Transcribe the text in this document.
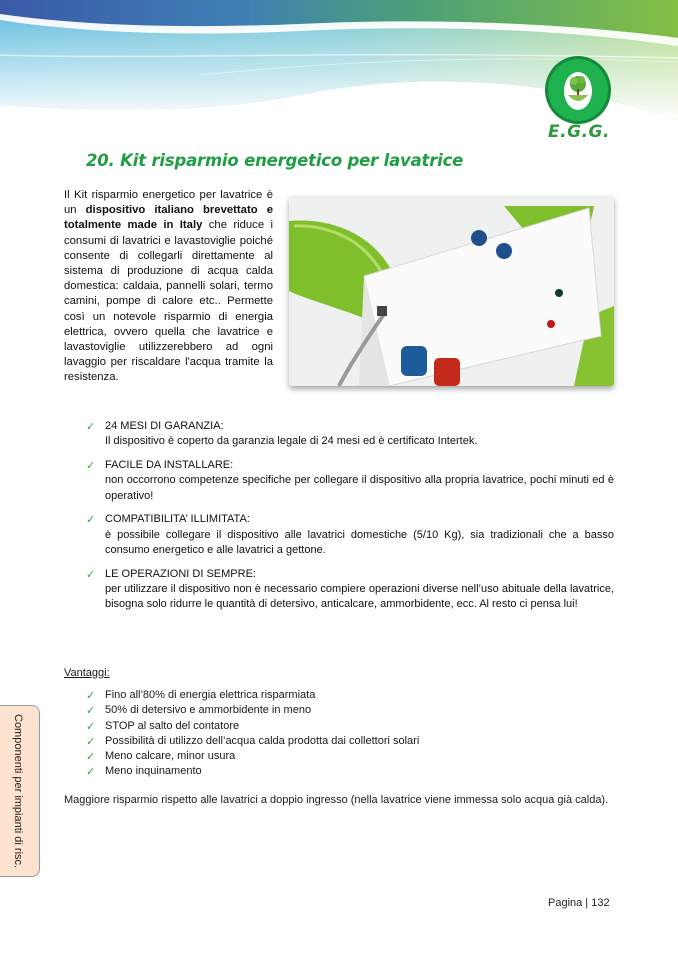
E.G.G.
20. Kit risparmio energetico per lavatrice
Il Kit risparmio energetico per lavatrice è un dispositivo italiano brevettato e totalmente made in Italy che riduce i consumi di lavatrici e lavastoviglie poiché consente di collegarli direttamente al sistema di produzione di acqua calda domestica: caldaia, pannelli solari, termo camini, pompe di calore etc.. Permette così un notevole risparmio di energia elettrica, ovvero quella che lavatrice e lavastoviglie utilizzerebbero ad ogni lavaggio per riscaldare l'acqua tramite la resistenza.
✓ 24 MESI DI GARANZIA:
Il dispositivo è coperto da garanzia legale di 24 mesi ed è certificato Intertek.
✓ FACILE DA INSTALLARE:
non occorrono competenze specifiche per collegare il dispositivo alla propria lavatrice, pochi minuti ed è operativo!
✓ COMPATIBILITA’ ILLIMITATA:
è possibile collegare il dispositivo alle lavatrici domestiche (5/10 Kg), sia tradizionali che a basso consumo energetico e alle lavatrici a gettone.
✓ LE OPERAZIONI DI SEMPRE:
per utilizzare il dispositivo non è necessario compiere operazioni diverse nell’uso abituale della lavatrice, bisogna solo ridurre le quantità di detersivo, anticalcare, ammorbidente, ecc. Al resto ci pensa lui!
Vantaggi:
✓ Fino all’80% di energia elettrica risparmiata
✓ 50% di detersivo e ammorbidente in meno
✓ STOP al salto del contatore
✓ Possibilità di utilizzo dell’acqua calda prodotta dai collettori solari
✓ Meno calcare, minor usura
✓ Meno inquinamento
Maggiore risparmio rispetto alle lavatrici a doppio ingresso (nella lavatrice viene immessa solo acqua già calda).
Componenti per impianti di risc.
Pagina | 132
